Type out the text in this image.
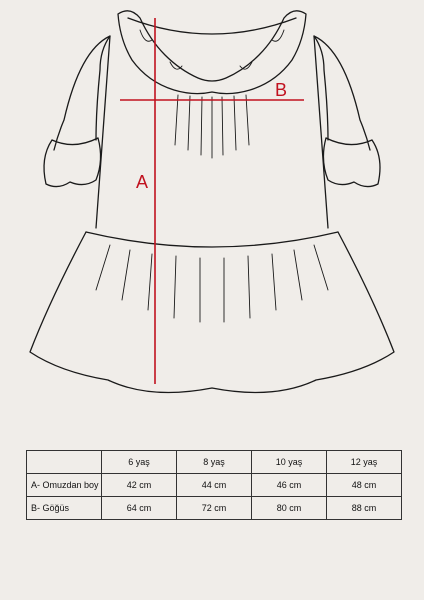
A
B
	6 yaş	8 yaş	10 yaş	12 yaş
A- Omuzdan boy	42 cm	44 cm	46 cm	48 cm
B- Göğüs	64 cm	72 cm	80 cm	88 cm
